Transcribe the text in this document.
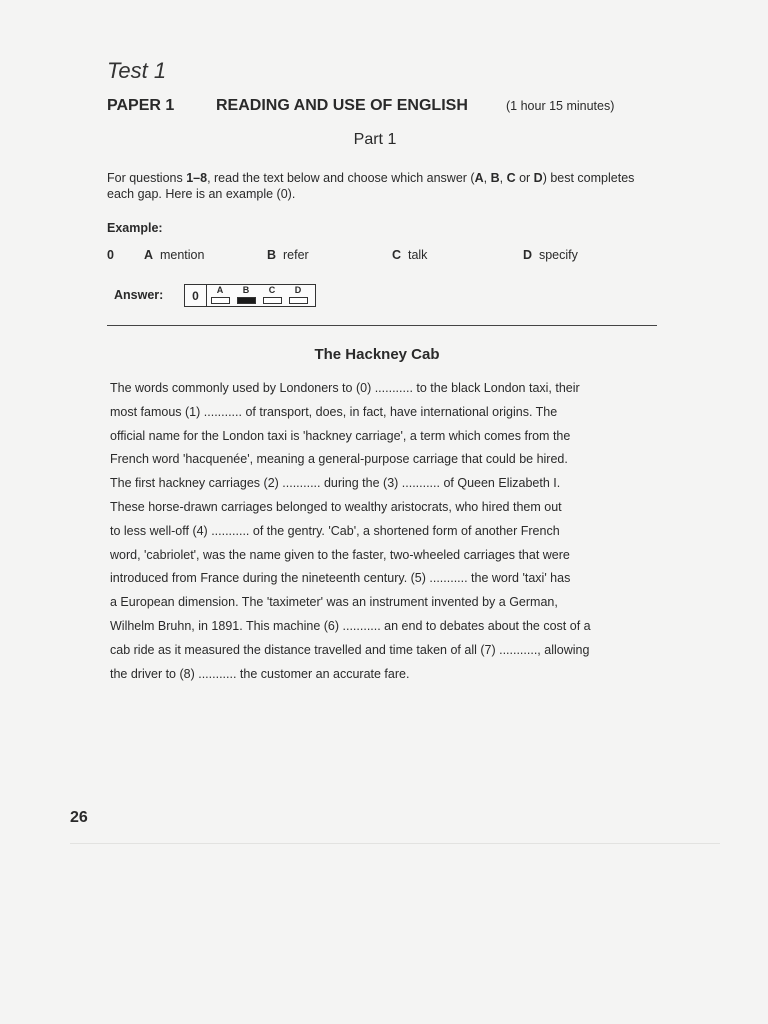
Test 1
PAPER 1	READING AND USE OF ENGLISH	(1 hour 15 minutes)
Part 1
For questions 1–8, read the text below and choose which answer (A, B, C or D) best completes each gap. Here is an example (0).
Example:
0 A mention	B refer	C talk	D specify
Answer:	0	A	B	C	D
The Hackney Cab
The words commonly used by Londoners to (0) ........... to the black London taxi, their
most famous (1) ........... of transport, does, in fact, have international origins. The
official name for the London taxi is 'hackney carriage', a term which comes from the
French word 'hacquenée', meaning a general-purpose carriage that could be hired.
The first hackney carriages (2) ........... during the (3) ........... of Queen Elizabeth I.
These horse-drawn carriages belonged to wealthy aristocrats, who hired them out
to less well-off (4) ........... of the gentry. 'Cab', a shortened form of another French
word, 'cabriolet', was the name given to the faster, two-wheeled carriages that were
introduced from France during the nineteenth century. (5) ........... the word 'taxi' has
a European dimension. The 'taximeter' was an instrument invented by a German,
Wilhelm Bruhn, in 1891. This machine (6) ........... an end to debates about the cost of a
cab ride as it measured the distance travelled and time taken of all (7) ..........., allowing
the driver to (8) ........... the customer an accurate fare.
26
